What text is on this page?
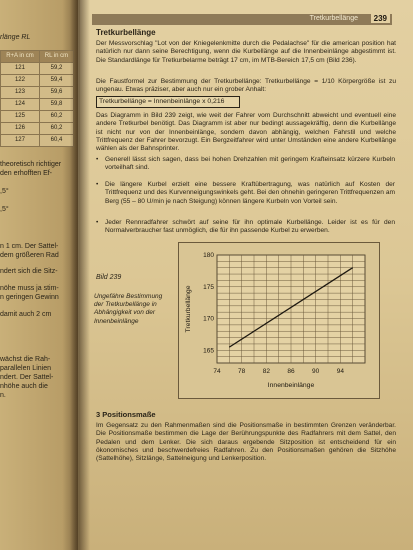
rlänge RL
R+A in cm	RL in cm
121	59,2
122	59,4
123	59,6
124	59,8
125	60,2
126	60,2
127	60,4
theoretisch richtiger
den erhofften Ef-
,5°
,5°
n 1 cm. Der Sattel-
dem größeren Rad
ndert sich die Sitz-
nöhe muss ja stim-
n geringen Gewinn
damit auch 2 cm
wächst die Rah-
parallelen Linien
ndert. Der Sattel-
nhöhe auch die
n.
Tretkurbellänge	239
Tretkurbellänge
Der Messvorschlag "Lot von der Kniegelenkmitte durch die Pedalachse" für die american position hat natürlich nur dann seine Berechtigung, wenn die Kurbellänge auf die Innenbeinlänge abgestimmt ist. Die Standardlänge für Tretkurbelarme beträgt 17 cm, im MTB-Bereich 17,5 cm (Bild 236).
Die Faustformel zur Bestimmung der Tretkurbellänge: Tretkurbellänge = 1/10 Körpergröße ist zu ungenau. Etwas präziser, aber auch nur ein grober Anhalt:
Tretkurbellänge = Innenbeinlänge x 0,216
Das Diagramm in Bild 239 zeigt, wie weit der Fahrer vom Durchschnitt abweicht und eventuell eine andere Tretkurbel benötigt. Das Diagramm ist aber nur bedingt aussagekräftig, denn die Kurbellänge ist nicht nur von der Innenbeinlänge, sondern davon abhängig, welchen Fahrstil und welche Trittfrequenz der Fahrer bevorzugt. Ein Bergzeitfahrer wird unter Umständen eine andere Kurbellänge wählen als der Bahnsprinter.
• Generell lässt sich sagen, dass bei hohen Drehzahlen mit geringem Krafteinsatz kürzere Kurbeln vorteilhaft sind.
• Die längere Kurbel erzielt eine bessere Kraftübertragung, was natürlich auf Kosten der Trittfrequenz und des Kurvenneigungswinkels geht. Bei den ohnehin geringeren Trittfrequenzen am Berg (55 – 80 U/min je nach Steigung) können längere Kurbeln von Vorteil sein.
• Jeder Rennradfahrer schwört auf seine für ihn optimale Kurbellänge. Leider ist es für den Normalverbraucher fast unmöglich, die für ihn passende Kurbel zu erwerben.
Bild 239
Ungefähre Bestimmung der Tretkurbellänge in Abhängigkeit von der Innenbeinlänge
74	78	82	86	90	94
165
170
175
180
Innenbeinlänge
Tretkurbellänge
3 Positionsmaße
Im Gegensatz zu den Rahmenmaßen sind die Positionsmaße in bestimmten Grenzen veränderbar. Die Positionsmaße bestimmen die Lage der Berührungspunkte des Radfahrers mit dem Sattel, den Pedalen und dem Lenker. Die sich daraus ergebende Sitzposition ist entscheidend für ein ökonomisches und beschwerdefreies Radfahren. Zu den Positionsmaßen gehören die Sitzhöhe (Sattelhöhe), Sitzlänge, Sattelneigung und Lenkerposition.
